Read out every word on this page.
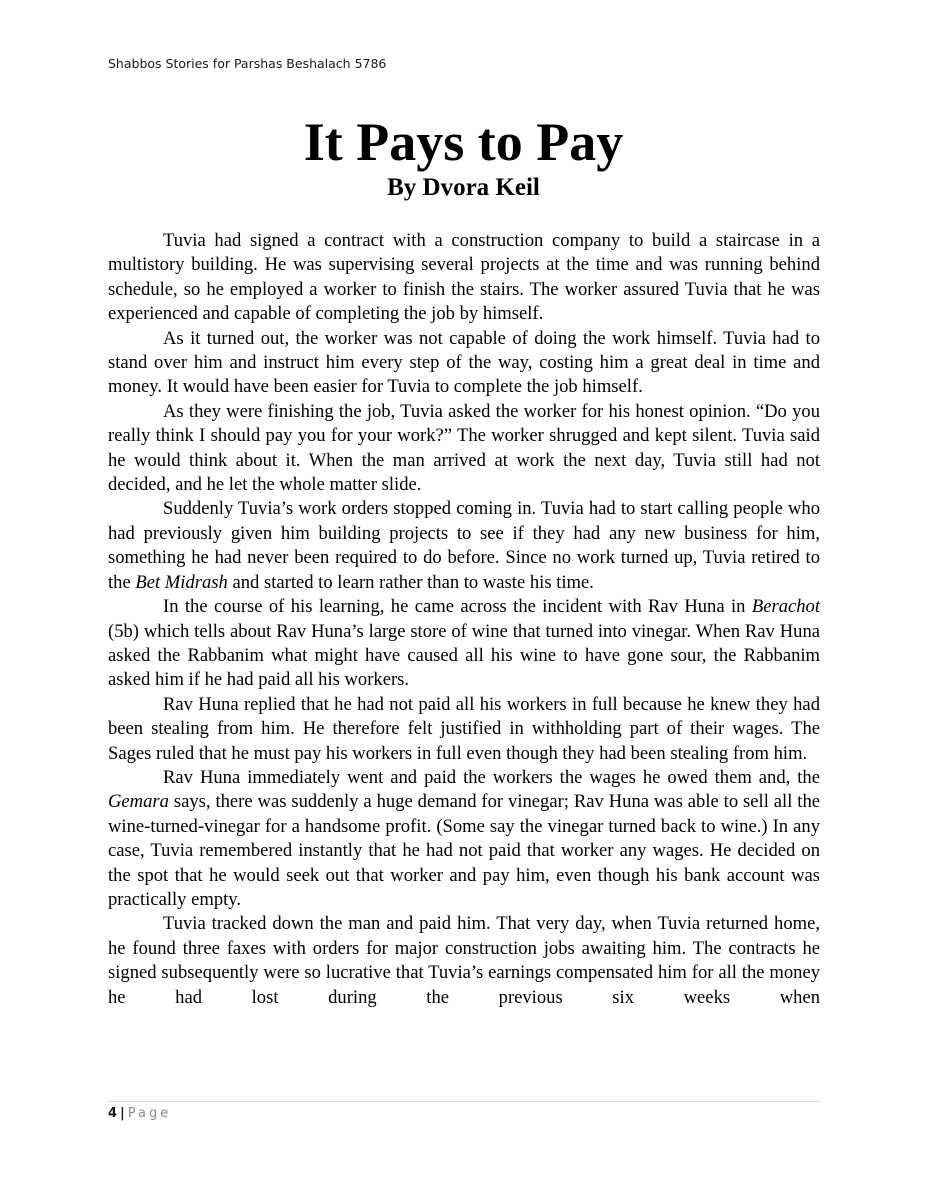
Shabbos Stories for Parshas Beshalach 5786
It Pays to Pay
By Dvora Keil

Tuvia had signed a contract with a construction company to build a staircase in a multistory building. He was supervising several projects at the time and was running behind schedule, so he employed a worker to finish the stairs. The worker assured Tuvia that he was experienced and capable of completing the job by himself.

As it turned out, the worker was not capable of doing the work himself. Tuvia had to stand over him and instruct him every step of the way, costing him a great deal in time and money. It would have been easier for Tuvia to complete the job himself.

As they were finishing the job, Tuvia asked the worker for his honest opinion. “Do you really think I should pay you for your work?” The worker shrugged and kept silent. Tuvia said he would think about it. When the man arrived at work the next day, Tuvia still had not decided, and he let the whole matter slide.

Suddenly Tuvia’s work orders stopped coming in. Tuvia had to start calling people who had previously given him building projects to see if they had any new business for him, something he had never been required to do before. Since no work turned up, Tuvia retired to the Bet Midrash and started to learn rather than to waste his time.

In the course of his learning, he came across the incident with Rav Huna in Berachot (5b) which tells about Rav Huna’s large store of wine that turned into vinegar. When Rav Huna asked the Rabbanim what might have caused all his wine to have gone sour, the Rabbanim asked him if he had paid all his workers.

Rav Huna replied that he had not paid all his workers in full because he knew they had been stealing from him. He therefore felt justified in withholding part of their wages. The Sages ruled that he must pay his workers in full even though they had been stealing from him.

Rav Huna immediately went and paid the workers the wages he owed them and, the Gemara says, there was suddenly a huge demand for vinegar; Rav Huna was able to sell all the wine-turned-vinegar for a handsome profit. (Some say the vinegar turned back to wine.) In any case, Tuvia remembered instantly that he had not paid that worker any wages. He decided on the spot that he would seek out that worker and pay him, even though his bank account was practically empty.

Tuvia tracked down the man and paid him. That very day, when Tuvia returned home, he found three faxes with orders for major construction jobs awaiting him. The contracts he signed subsequently were so lucrative that Tuvia’s earnings compensated him for all the money he had lost during the previous six weeks when

4 | Page
